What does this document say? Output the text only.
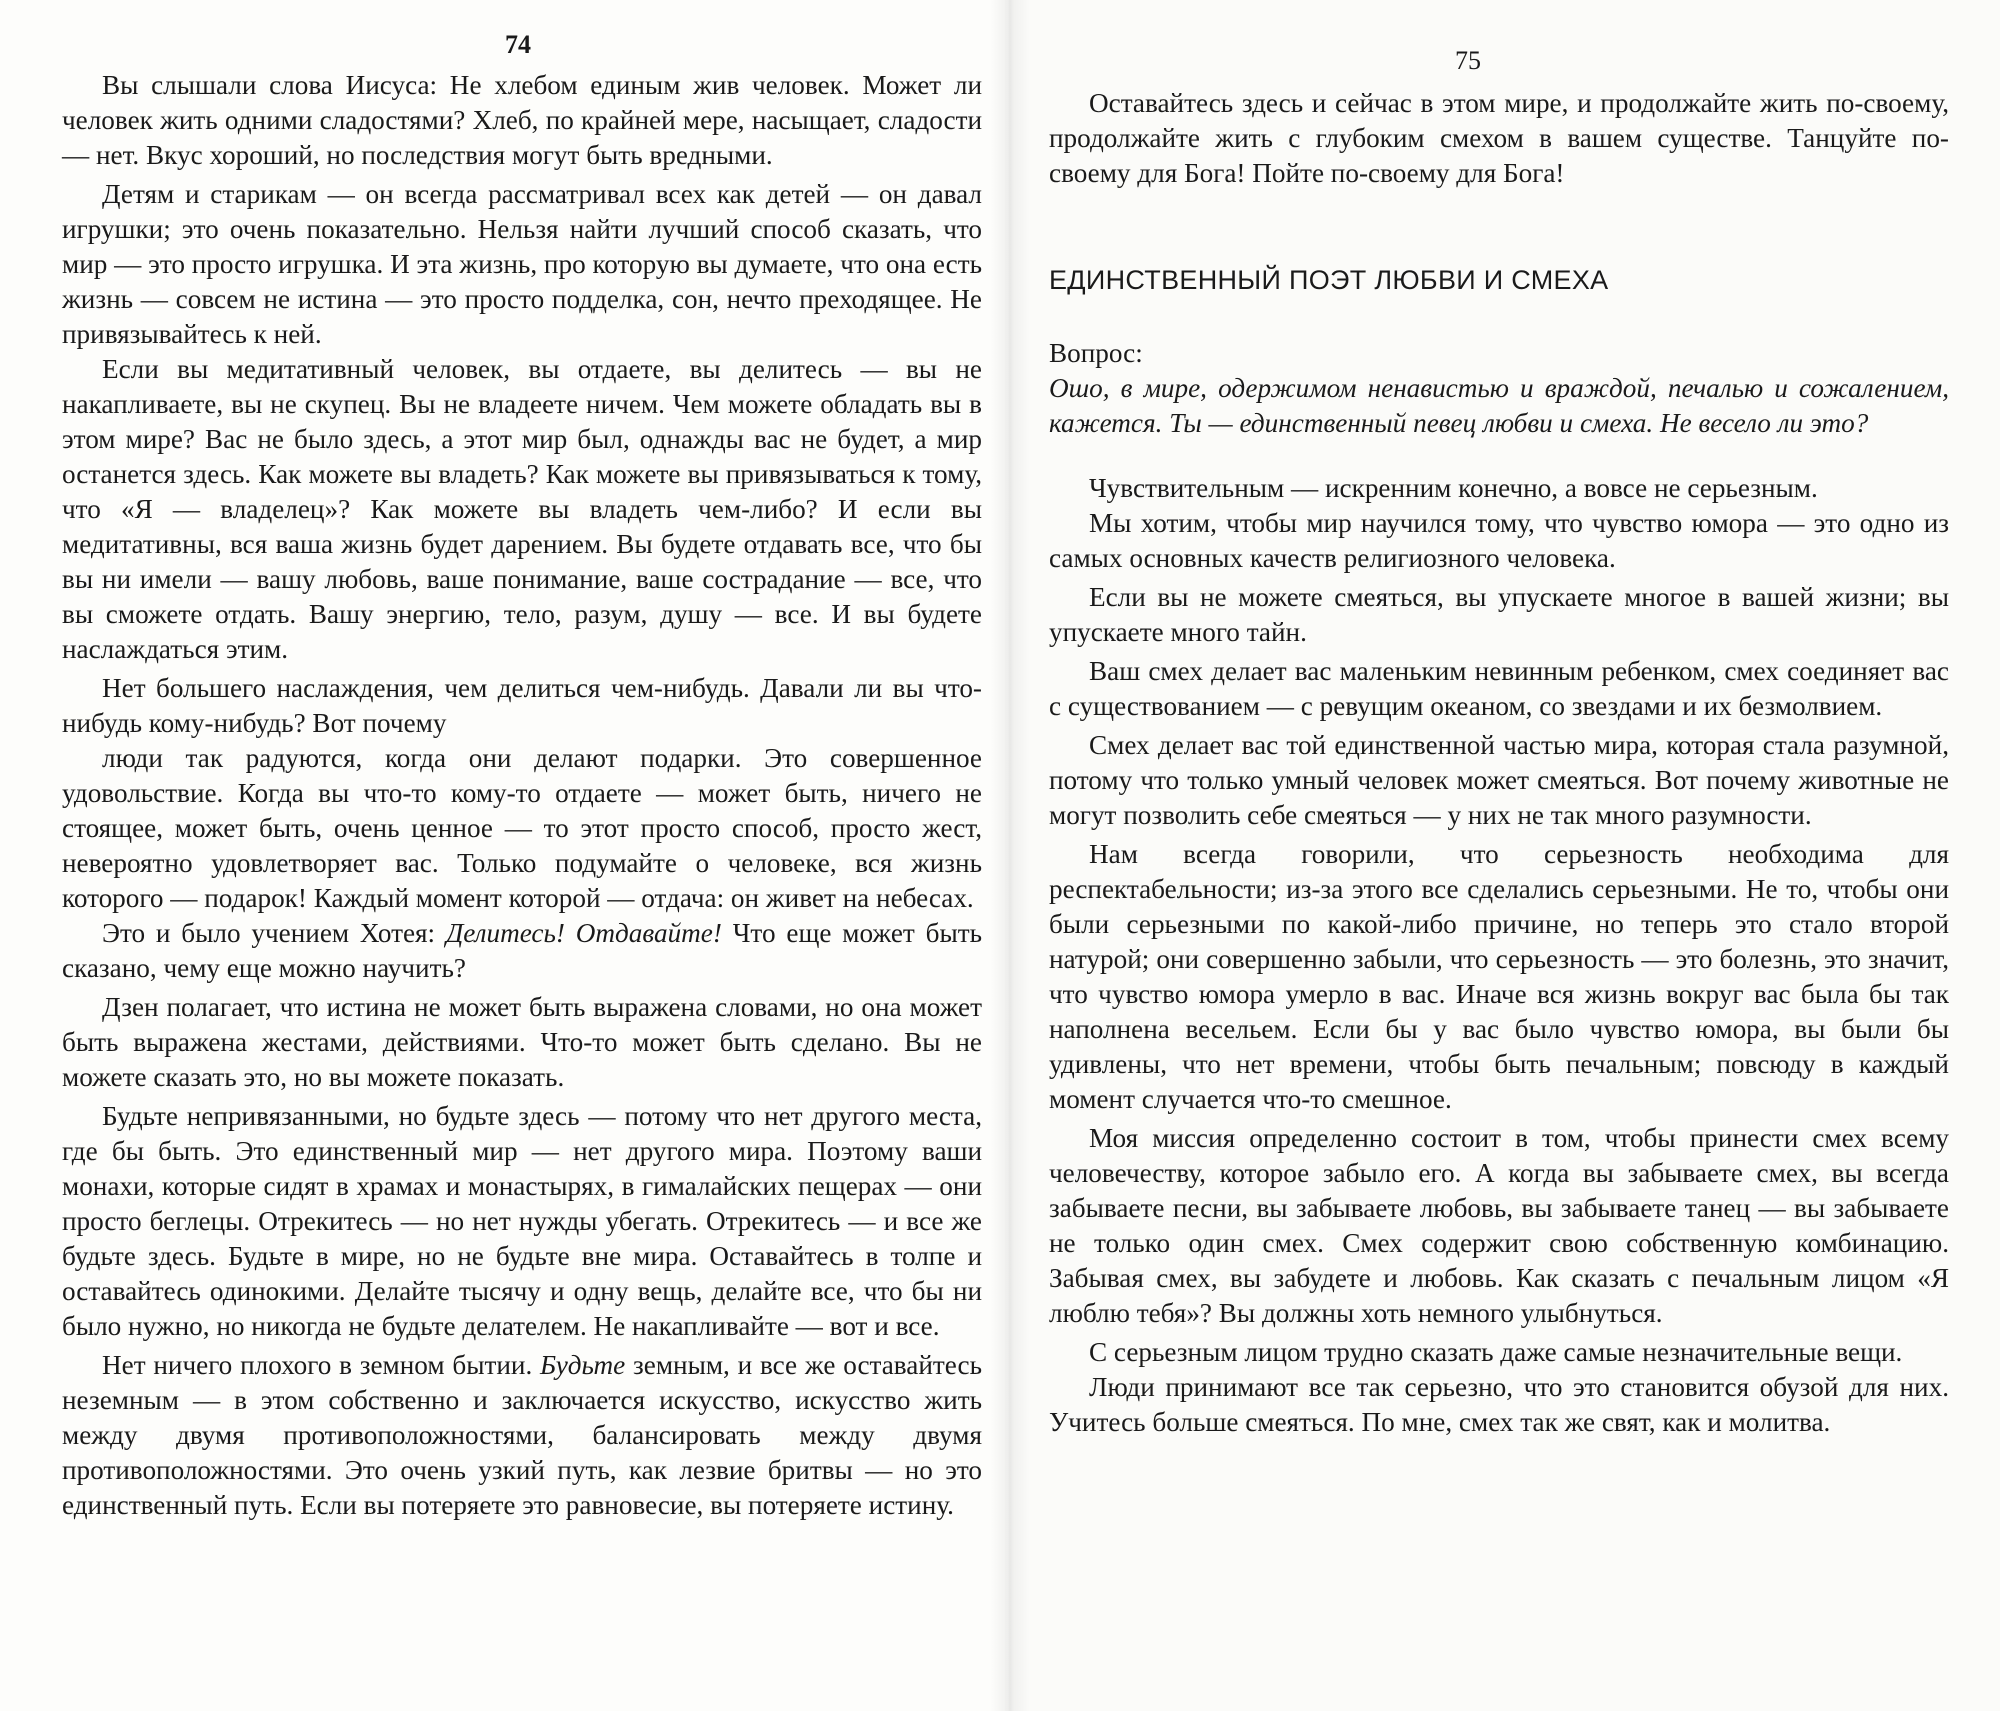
74

Вы слышали слова Иисуса: Не хлебом единым жив человек. Может ли человек жить одними сладостями? Хлеб, по крайней мере, насыщает, сладости — нет. Вкус хороший, но последствия могут быть вредными.

Детям и старикам — он всегда рассматривал всех как детей — он давал игрушки; это очень показательно. Нельзя найти лучший способ сказать, что мир — это просто игрушка. И эта жизнь, про которую вы думаете, что она есть жизнь — совсем не истина — это просто подделка, сон, нечто преходящее. Не привязывайтесь к ней.

Если вы медитативный человек, вы отдаете, вы делитесь — вы не накапливаете, вы не скупец. Вы не владеете ничем. Чем можете обладать вы в этом мире? Вас не было здесь, а этот мир был, однажды вас не будет, а мир останется здесь. Как можете вы владеть? Как можете вы привязываться к тому, что «Я — владелец»? Как можете вы владеть чем-либо? И если вы медитативны, вся ваша жизнь будет дарением. Вы будете отдавать все, что бы вы ни имели — вашу любовь, ваше понимание, ваше сострадание — все, что вы сможете отдать. Вашу энергию, тело, разум, душу — все. И вы будете наслаждаться этим.

Нет большего наслаждения, чем делиться чем-нибудь. Давали ли вы что-нибудь кому-нибудь? Вот почему

люди так радуются, когда они делают подарки. Это совершенное удовольствие. Когда вы что-то кому-то отдаете — может быть, ничего не стоящее, может быть, очень ценное — то этот просто способ, просто жест, невероятно удовлетворяет вас. Только подумайте о человеке, вся жизнь которого — подарок! Каждый момент которой — отдача: он живет на небесах.

Это и было учением Хотея: Делитесь! Отдавайте! Что еще может быть сказано, чему еще можно научить?

Дзен полагает, что истина не может быть выражена словами, но она может быть выражена жестами, действиями. Что-то может быть сделано. Вы не можете сказать это, но вы можете показать.

Будьте непривязанными, но будьте здесь — потому что нет другого места, где бы быть. Это единственный мир — нет другого мира. Поэтому ваши монахи, которые сидят в храмах и монастырях, в гималайских пещерах — они просто беглецы. Отрекитесь — но нет нужды убегать. Отрекитесь — и все же будьте здесь. Будьте в мире, но не будьте вне мира. Оставайтесь в толпе и оставайтесь одинокими. Делайте тысячу и одну вещь, делайте все, что бы ни было нужно, но никогда не будьте делателем. Не накапливайте — вот и все.

Нет ничего плохого в земном бытии. Будьте земным, и все же оставайтесь неземным — в этом собственно и заключается искусство, искусство жить между двумя противоположностями, балансировать между двумя противоположностями. Это очень узкий путь, как лезвие бритвы — но это единственный путь. Если вы потеряете это равновесие, вы потеряете истину.

75

Оставайтесь здесь и сейчас в этом мире, и продолжайте жить по-своему, продолжайте жить с глубоким смехом в вашем существе. Танцуйте по-своему для Бога! Пойте по-своему для Бога!

ЕДИНСТВЕННЫЙ ПОЭТ ЛЮБВИ И СМЕХА

Вопрос:

Ошо, в мире, одержимом ненавистью и враждой, печалью и сожалением, кажется. Ты — единственный певец любви и смеха. Не весело ли это?

Чувствительным — искренним конечно, а вовсе не серьезным.

Мы хотим, чтобы мир научился тому, что чувство юмора — это одно из самых основных качеств религиозного человека.

Если вы не можете смеяться, вы упускаете многое в вашей жизни; вы упускаете много тайн.

Ваш смех делает вас маленьким невинным ребенком, смех соединяет вас с существованием — с ревущим океаном, со звездами и их безмолвием.

Смех делает вас той единственной частью мира, которая стала разумной, потому что только умный человек может смеяться. Вот почему животные не могут позволить себе смеяться — у них не так много разумности.

Нам всегда говорили, что серьезность необходима для респектабельности; из-за этого все сделались серьезными. Не то, чтобы они были серьезными по какой-либо причине, но теперь это стало второй натурой; они совершенно забыли, что серьезность — это болезнь, это значит, что чувство юмора умерло в вас. Иначе вся жизнь вокруг вас была бы так наполнена весельем. Если бы у вас было чувство юмора, вы были бы удивлены, что нет времени, чтобы быть печальным; повсюду в каждый момент случается что-то смешное.

Моя миссия определенно состоит в том, чтобы принести смех всему человечеству, которое забыло его. А когда вы забываете смех, вы всегда забываете песни, вы забываете любовь, вы забываете танец — вы забываете не только один смех. Смех содержит свою собственную комбинацию. Забывая смех, вы забудете и любовь. Как сказать с печальным лицом «Я люблю тебя»? Вы должны хоть немного улыбнуться.

С серьезным лицом трудно сказать даже самые незначительные вещи.

Люди принимают все так серьезно, что это становится обузой для них. Учитесь больше смеяться. По мне, смех так же свят, как и молитва.
